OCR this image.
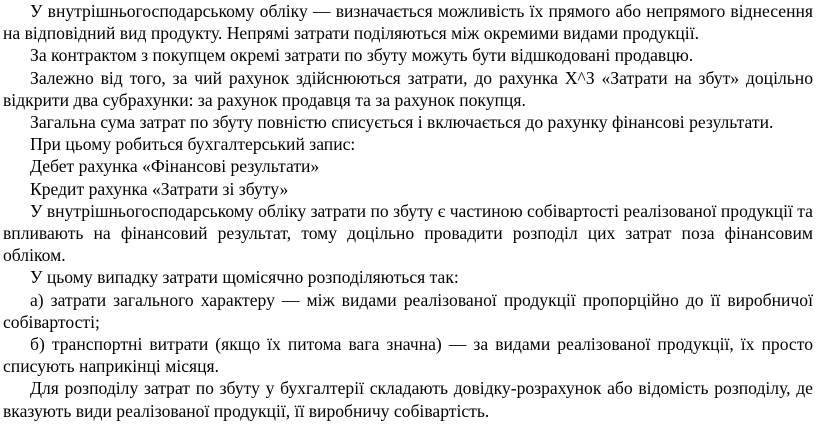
У внутрішньогосподарському обліку — визначається можливість їх прямого або непрямого віднесення на відповідний вид продукту. Непрямі затрати поділяються між окремими видами продукції.

За контрактом з покупцем окремі затрати по збуту можуть бути відшкодовані продавцю.

Залежно від того, за чий рахунок здійснюються затрати, до рахунка Х^З «Затрати на збут» доцільно відкрити два субрахунки: за рахунок продавця та за рахунок покупця.

Загальна сума затрат по збуту повністю списується і включається до рахунку фінансові результати.

При цьому робиться бухгалтерський запис:

Дебет рахунка «Фінансові результати»

Кредит рахунка «Затрати зі збуту»

У внутрішньогосподарському обліку затрати по збуту є частиною собівартості реалізованої продукції та впливають на фінансовий результат, тому доцільно провадити розподіл цих затрат поза фінансовим обліком.

У цьому випадку затрати щомісячно розподіляються так:

а) затрати загального характеру — між видами реалізованої продукції пропорційно до її виробничої собівартості;

б) транспортні витрати (якщо їх питома вага значна) — за видами реалізованої продукції, їх просто списують наприкінці місяця.

Для розподілу затрат по збуту у бухгалтерії складають довідку-розрахунок або відомість розподілу, де вказують види реалізованої продукції, її виробничу собівартість.
